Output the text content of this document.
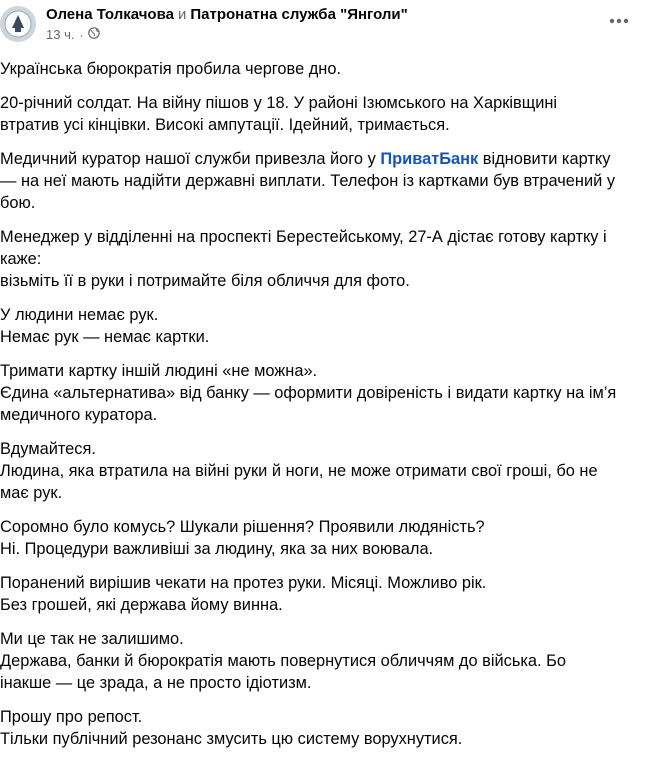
Олена Толкачова и Патронатна служба "Янголи"
13 ч. ·

Українська бюрократія пробила чергове дно.

20-річний солдат. На війну пішов у 18. У районі Ізюмського на Харківщині
втратив усі кінцівки. Високі ампутації. Ідейний, тримається.

Медичний куратор нашої служби привезла його у ПриватБанк відновити картку
— на неї мають надійти державні виплати. Телефон із картками був втрачений у
бою.

Менеджер у відділенні на проспекті Берестейському, 27-А дістає готову картку і
каже:
візьміть її в руки і потримайте біля обличчя для фото.

У людини немає рук.
Немає рук — немає картки.

Тримати картку іншій людині «не можна».
Єдина «альтернатива» від банку — оформити довіреність і видати картку на ім’я
медичного куратора.

Вдумайтеся.
Людина, яка втратила на війні руки й ноги, не може отримати свої гроші, бо не
має рук.

Соромно було комусь? Шукали рішення? Проявили людяність?
Ні. Процедури важливіші за людину, яка за них воювала.

Поранений вирішив чекати на протез руки. Місяці. Можливо рік.
Без грошей, які держава йому винна.

Ми це так не залишимо.
Держава, банки й бюрократія мають повернутися обличчям до війська. Бо
інакше — це зрада, а не просто ідіотизм.

Прошу про репост.
Тільки публічний резонанс змусить цю систему ворухнутися.
